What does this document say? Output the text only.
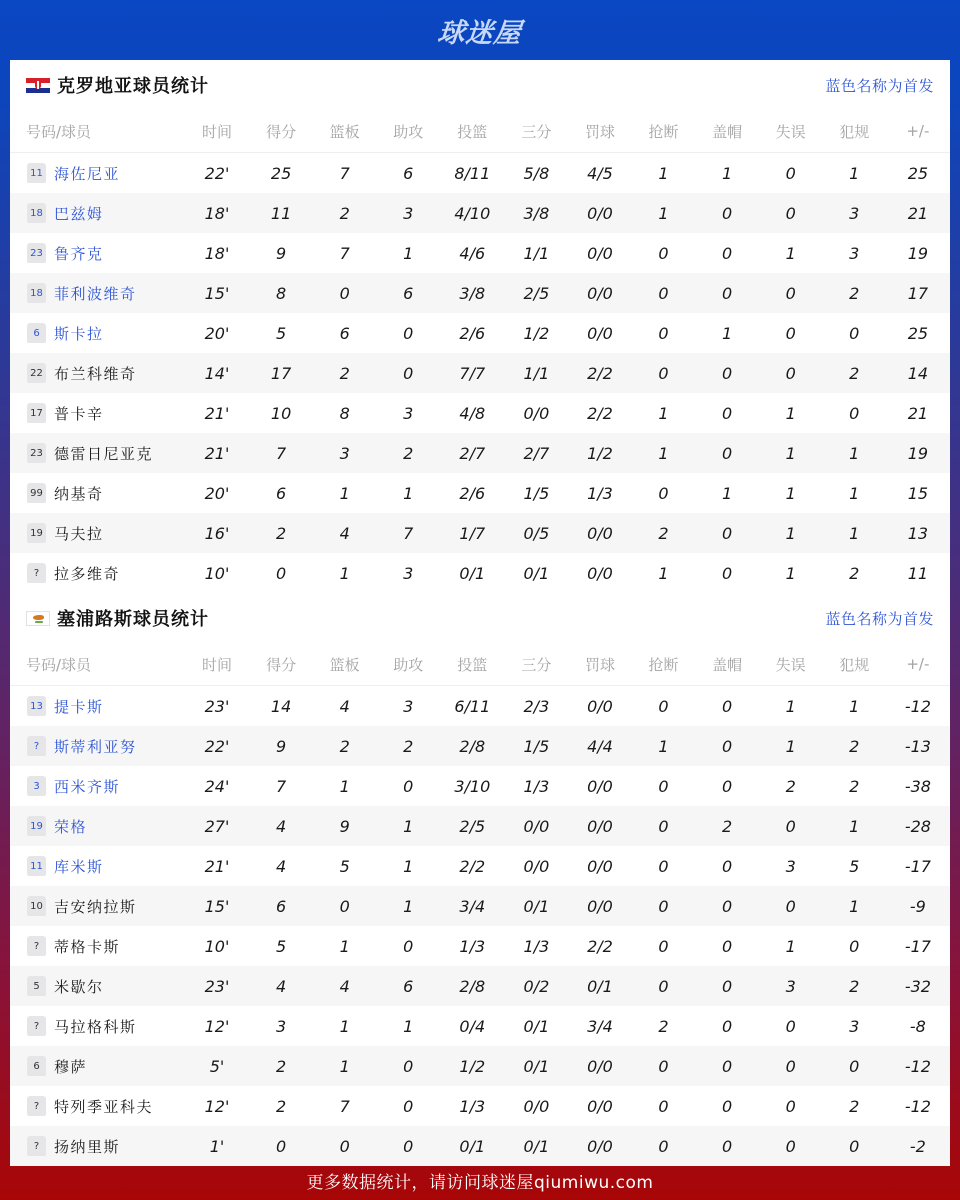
球迷屋
克罗地亚球员统计	蓝色名称为首发
号码/球员	时间	得分	篮板	助攻	投篮	三分	罚球	抢断	盖帽	失误	犯规	+/-

11 海佐尼亚	22'	25	7	6	8/11	5/8	4/5	1	1	0	1	25

18 巴兹姆	18'	11	2	3	4/10	3/8	0/0	1	0	0	3	21

23 鲁齐克	18'	9	7	1	4/6	1/1	0/0	0	0	1	3	19

18 菲利波维奇	15'	8	0	6	3/8	2/5	0/0	0	0	0	2	17

6 斯卡拉	20'	5	6	0	2/6	1/2	0/0	0	1	0	0	25

22 布兰科维奇	14'	17	2	0	7/7	1/1	2/2	0	0	0	2	14

17 普卡辛	21'	10	8	3	4/8	0/0	2/2	1	0	1	0	21

23 德雷日尼亚克	21'	7	3	2	2/7	2/7	1/2	1	0	1	1	19

99 纳基奇	20'	6	1	1	2/6	1/5	1/3	0	1	1	1	15

19 马夫拉	16'	2	4	7	1/7	0/5	0/0	2	0	1	1	13

? 拉多维奇	10'	0	1	3	0/1	0/1	0/0	1	0	1	2	11
塞浦路斯球员统计	蓝色名称为首发
号码/球员	时间	得分	篮板	助攻	投篮	三分	罚球	抢断	盖帽	失误	犯规	+/-

13 提卡斯	23'	14	4	3	6/11	2/3	0/0	0	0	1	1	-12

? 斯蒂利亚努	22'	9	2	2	2/8	1/5	4/4	1	0	1	2	-13

3 西米齐斯	24'	7	1	0	3/10	1/3	0/0	0	0	2	2	-38

19 荣格	27'	4	9	1	2/5	0/0	0/0	0	2	0	1	-28

11 库米斯	21'	4	5	1	2/2	0/0	0/0	0	0	3	5	-17

10 吉安纳拉斯	15'	6	0	1	3/4	0/1	0/0	0	0	0	1	-9

? 蒂格卡斯	10'	5	1	0	1/3	1/3	2/2	0	0	1	0	-17

5 米歇尔	23'	4	4	6	2/8	0/2	0/1	0	0	3	2	-32

? 马拉格科斯	12'	3	1	1	0/4	0/1	3/4	2	0	0	3	-8

6 穆萨	5'	2	1	0	1/2	0/1	0/0	0	0	0	0	-12

? 特列季亚科夫	12'	2	7	0	1/3	0/0	0/0	0	0	0	2	-12

? 扬纳里斯	1'	0	0	0	0/1	0/1	0/0	0	0	0	0	-2
更多数据统计，请访问球迷屋qiumiwu.com
